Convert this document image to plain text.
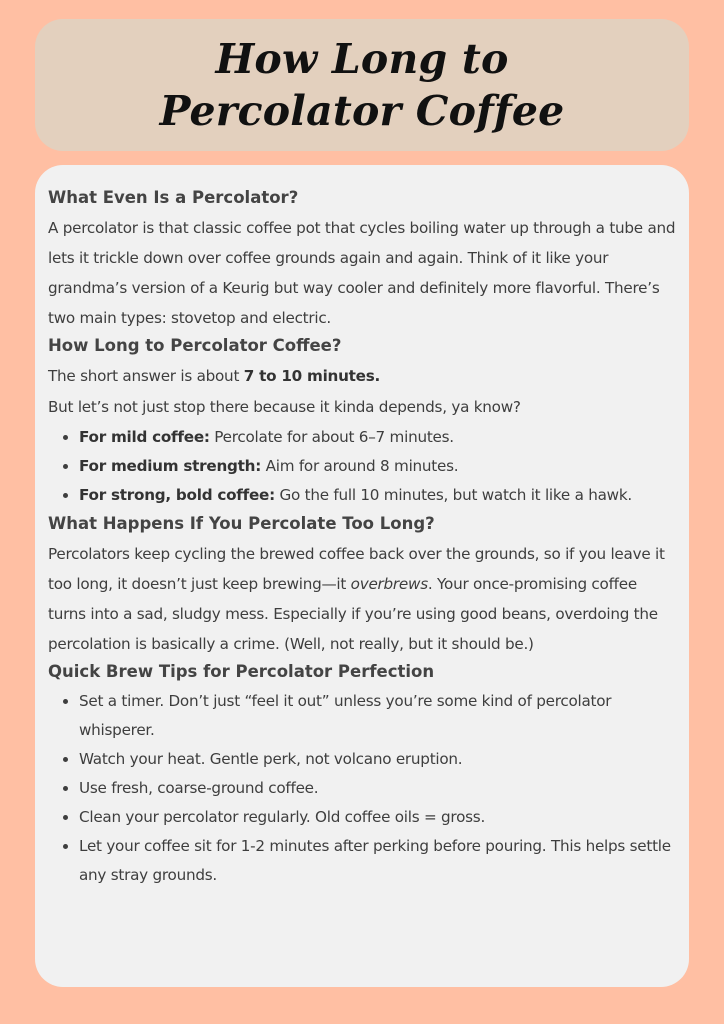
How Long to
Percolator Coffee
What Even Is a Percolator?

A percolator is that classic coffee pot that cycles boiling water up through a tube and lets it trickle down over coffee grounds again and again. Think of it like your grandma’s version of a Keurig but way cooler and definitely more flavorful. There’s two main types: stovetop and electric.

How Long to Percolator Coffee?

The short answer is about 7 to 10 minutes.

But let’s not just stop there because it kinda depends, ya know?

For mild coffee: Percolate for about 6–7 minutes.
For medium strength: Aim for around 8 minutes.
For strong, bold coffee: Go the full 10 minutes, but watch it like a hawk.
What Happens If You Percolate Too Long?

Percolators keep cycling the brewed coffee back over the grounds, so if you leave it too long, it doesn’t just keep brewing—it overbrews. Your once-promising coffee turns into a sad, sludgy mess. Especially if you’re using good beans, overdoing the percolation is basically a crime. (Well, not really, but it should be.)

Quick Brew Tips for Percolator Perfection
Set a timer. Don’t just “feel it out” unless you’re some kind of percolator whisperer.
Watch your heat. Gentle perk, not volcano eruption.
Use fresh, coarse-ground coffee.
Clean your percolator regularly. Old coffee oils = gross.
Let your coffee sit for 1-2 minutes after perking before pouring. This helps settle any stray grounds.
